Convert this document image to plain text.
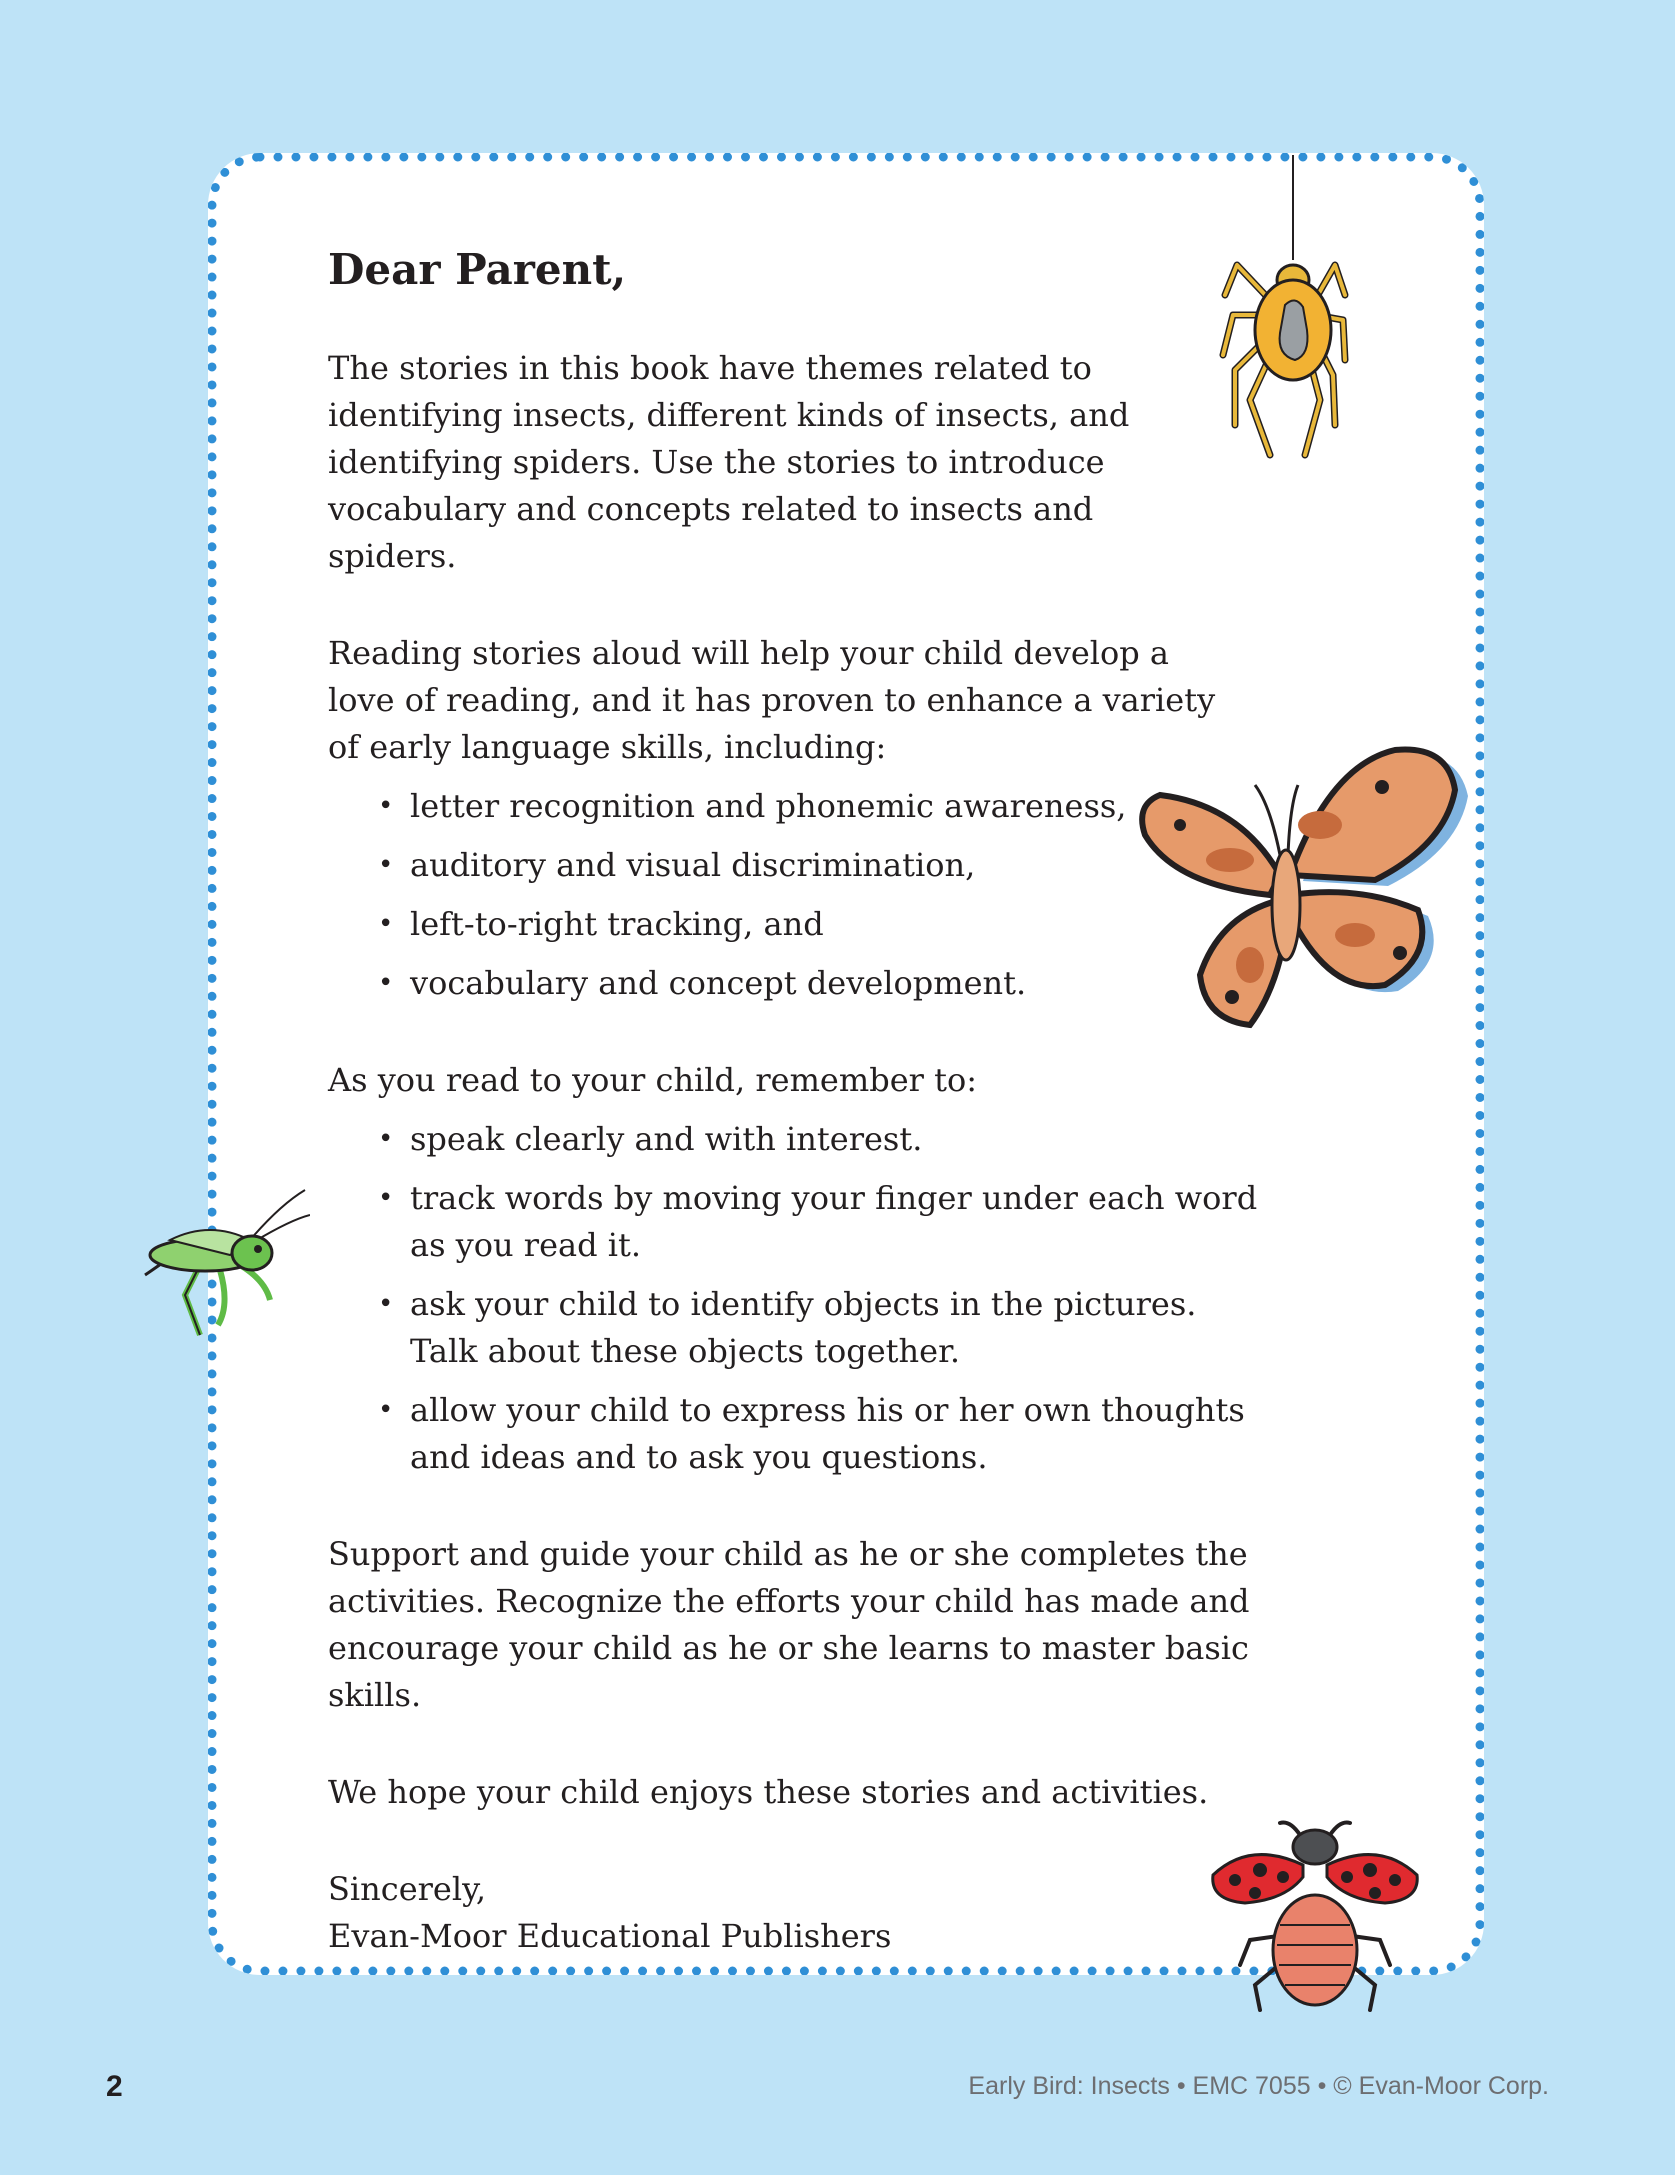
Dear Parent,

The stories in this book have themes related to identifying insects, different kinds of insects, and identifying spiders. Use the stories to introduce vocabulary and concepts related to insects and spiders.

Reading stories aloud will help your child develop a love of reading, and it has proven to enhance a variety of early language skills, including:

• letter recognition and phonemic awareness,
• auditory and visual discrimination,
• left-to-right tracking, and
• vocabulary and concept development.

As you read to your child, remember to:

• speak clearly and with interest.
• track words by moving your finger under each word as you read it.
• ask your child to identify objects in the pictures. Talk about these objects together.
• allow your child to express his or her own thoughts and ideas and to ask you questions.

Support and guide your child as he or she completes the activities. Recognize the efforts your child has made and encourage your child as he or she learns to master basic skills.

We hope your child enjoys these stories and activities.

Sincerely,

Evan-Moor Educational Publishers

2	Early Bird: Insects • EMC 7055 • © Evan-Moor Corp.
